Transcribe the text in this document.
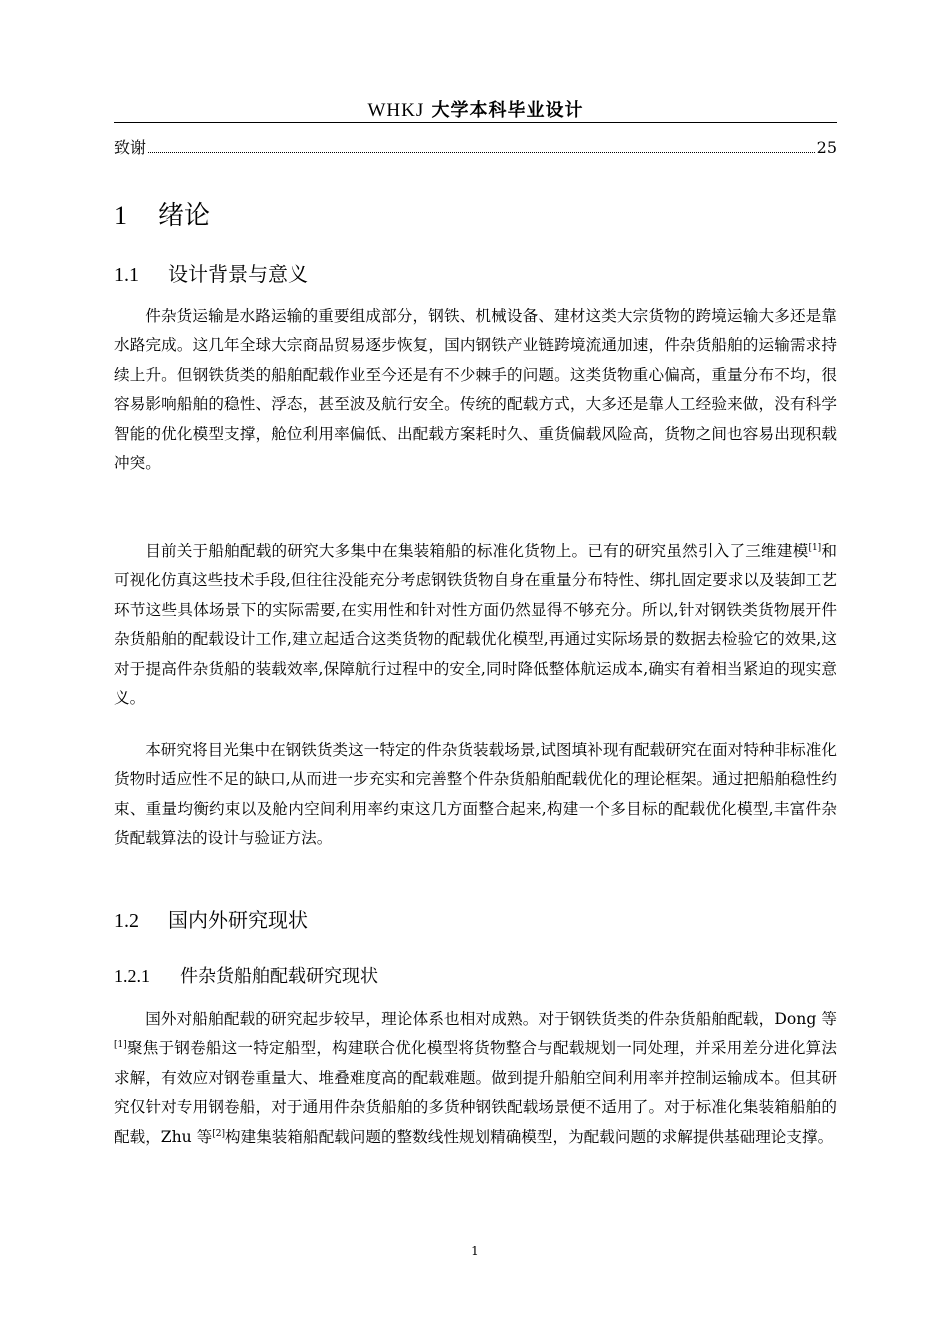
WHKJ 大学本科毕业设计
致谢	25
1 绪论
1.1 设计背景与意义

件杂货运输是水路运输的重要组成部分，钢铁、机械设备、建材这类大宗货物的跨境运输大多还是靠水路完成。这几年全球大宗商品贸易逐步恢复，国内钢铁产业链跨境流通加速，件杂货船舶的运输需求持续上升。但钢铁货类的船舶配载作业至今还是有不少棘手的问题。这类货物重心偏高，重量分布不均，很容易影响船舶的稳性、浮态，甚至波及航行安全。传统的配载方式，大多还是靠人工经验来做，没有科学智能的优化模型支撑，舱位利用率偏低、出配载方案耗时久、重货偏载风险高，货物之间也容易出现积载冲突。

目前关于船舶配载的研究大多集中在集装箱船的标准化货物上。已有的研究虽然引入了三维建模[1]和可视化仿真这些技术手段,但往往没能充分考虑钢铁货物自身在重量分布特性、绑扎固定要求以及装卸工艺环节这些具体场景下的实际需要,在实用性和针对性方面仍然显得不够充分。所以,针对钢铁类货物展开件杂货船舶的配载设计工作,建立起适合这类货物的配载优化模型,再通过实际场景的数据去检验它的效果,这对于提高件杂货船的装载效率,保障航行过程中的安全,同时降低整体航运成本,确实有着相当紧迫的现实意义。

本研究将目光集中在钢铁货类这一特定的件杂货装载场景,试图填补现有配载研究在面对特种非标准化货物时适应性不足的缺口,从而进一步充实和完善整个件杂货船舶配载优化的理论框架。通过把船舶稳性约束、重量均衡约束以及舱内空间利用率约束这几方面整合起来,构建一个多目标的配载优化模型,丰富件杂货配载算法的设计与验证方法。

1.2 国内外研究现状
1.2.1 件杂货船舶配载研究现状

国外对船舶配载的研究起步较早，理论体系也相对成熟。对于钢铁货类的件杂货船舶配载，Dong 等[1]聚焦于钢卷船这一特定船型，构建联合优化模型将货物整合与配载规划一同处理，并采用差分进化算法求解，有效应对钢卷重量大、堆叠难度高的配载难题。做到提升船舶空间利用率并控制运输成本。但其研究仅针对专用钢卷船，对于通用件杂货船舶的多货种钢铁配载场景便不适用了。对于标准化集装箱船舶的配载，Zhu 等[2]构建集装箱船配载问题的整数线性规划精确模型，为配载问题的求解提供基础理论支撑。

1
